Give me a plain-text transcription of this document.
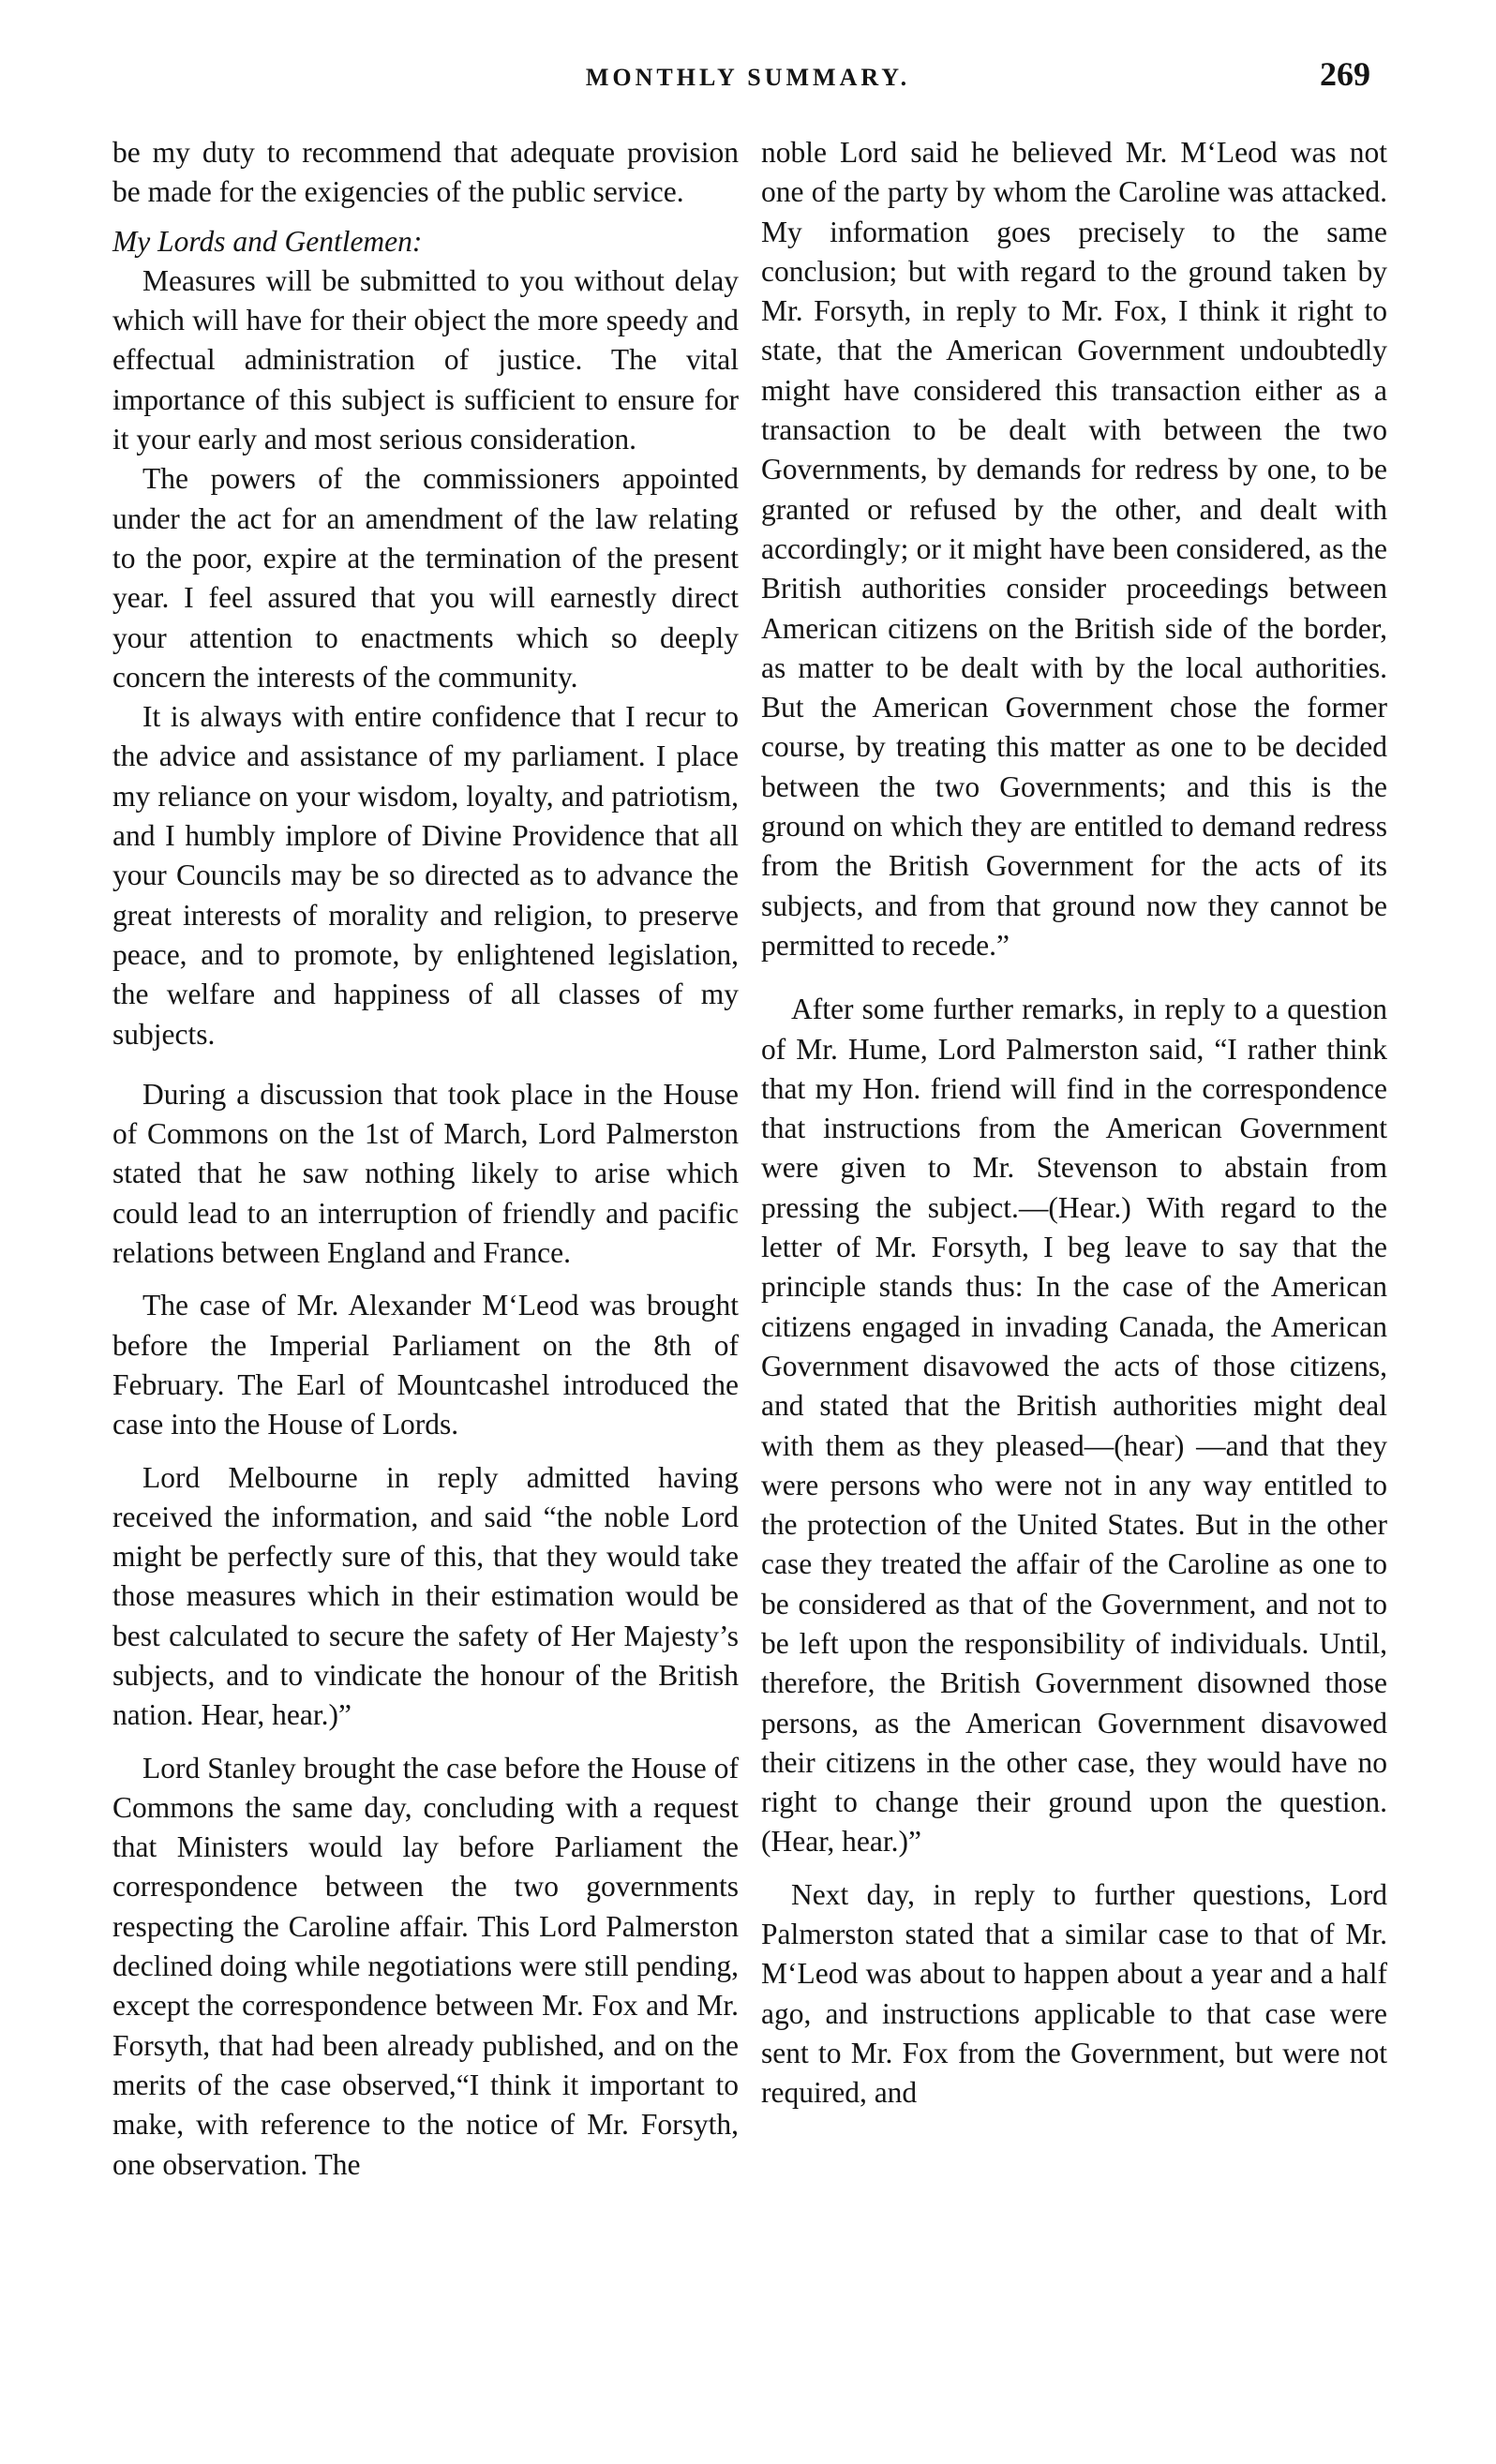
MONTHLY SUMMARY.	269

be my duty to recommend that adequate provision be made for the exigencies of the public service.

My Lords and Gentlemen:

Measures will be submitted to you without delay which will have for their object the more speedy and effectual administration of justice. The vital importance of this subject is sufficient to ensure for it your early and most serious consideration.

The powers of the commissioners appointed under the act for an amendment of the law relating to the poor, expire at the termination of the present year. I feel assured that you will earnestly direct your attention to enactments which so deeply concern the interests of the community.

It is always with entire confidence that I recur to the advice and assistance of my parliament. I place my reliance on your wisdom, loyalty, and patriotism, and I humbly implore of Divine Providence that all your Councils may be so directed as to advance the great interests of morality and religion, to preserve peace, and to promote, by enlightened legislation, the welfare and happiness of all classes of my subjects.

During a discussion that took place in the House of Commons on the 1st of March, Lord Palmerston stated that he saw nothing likely to arise which could lead to an interruption of friendly and pacific relations between England and France.

The case of Mr. Alexander M‘Leod was brought before the Imperial Parliament on the 8th of February. The Earl of Mountcashel introduced the case into the House of Lords.

Lord Melbourne in reply admitted having received the information, and said “the noble Lord might be perfectly sure of this, that they would take those measures which in their estimation would be best calculated to secure the safety of Her Majesty’s subjects, and to vindicate the honour of the British nation. Hear, hear.)”

Lord Stanley brought the case before the House of Commons the same day, concluding with a request that Ministers would lay before Parliament the correspondence between the two governments respecting the Caroline affair. This Lord Palmerston declined doing while negotiations were still pending, except the correspondence between Mr. Fox and Mr. Forsyth, that had been already published, and on the merits of the case observed,“I think it important to make, with reference to the notice of Mr. Forsyth, one observation. The

noble Lord said he believed Mr. M‘Leod was not one of the party by whom the Caroline was attacked. My information goes precisely to the same conclusion; but with regard to the ground taken by Mr. Forsyth, in reply to Mr. Fox, I think it right to state, that the American Government undoubtedly might have considered this transaction either as a transaction to be dealt with between the two Governments, by demands for redress by one, to be granted or refused by the other, and dealt with accordingly; or it might have been considered, as the British authorities consider proceedings between American citizens on the British side of the border, as matter to be dealt with by the local authorities. But the American Government chose the former course, by treating this matter as one to be decided between the two Governments; and this is the ground on which they are entitled to demand redress from the British Government for the acts of its subjects, and from that ground now they cannot be permitted to recede.”

After some further remarks, in reply to a question of Mr. Hume, Lord Palmerston said, “I rather think that my Hon. friend will find in the correspondence that instructions from the American Government were given to Mr. Stevenson to abstain from pressing the subject.—(Hear.) With regard to the letter of Mr. Forsyth, I beg leave to say that the principle stands thus: In the case of the American citizens engaged in invading Canada, the American Government disavowed the acts of those citizens, and stated that the British authorities might deal with them as they pleased—(hear) —and that they were persons who were not in any way entitled to the protection of the United States. But in the other case they treated the affair of the Caroline as one to be considered as that of the Government, and not to be left upon the responsibility of individuals. Until, therefore, the British Government disowned those persons, as the American Government disavowed their citizens in the other case, they would have no right to change their ground upon the question. (Hear, hear.)”

Next day, in reply to further questions, Lord Palmerston stated that a similar case to that of Mr. M‘Leod was about to happen about a year and a half ago, and instructions applicable to that case were sent to Mr. Fox from the Government, but were not required, and
